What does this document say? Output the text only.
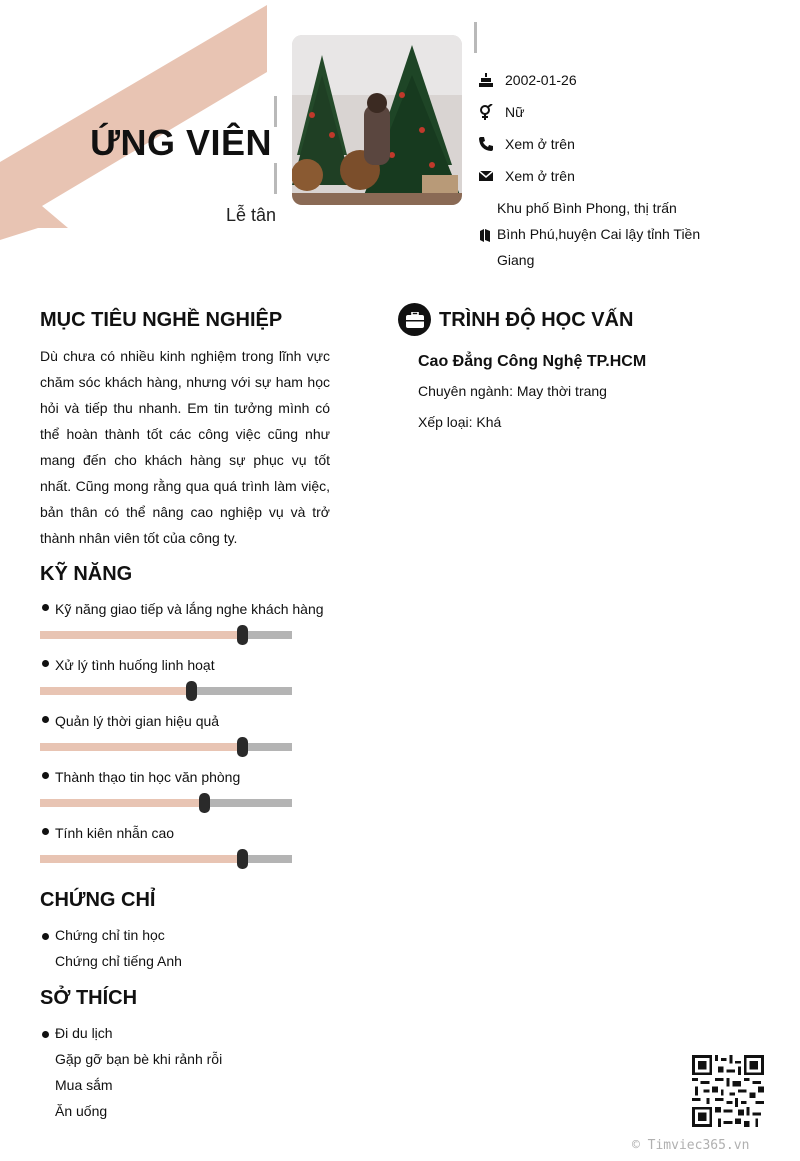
ỨNG VIÊN
Lễ tân
2002-01-26
Nữ
Xem ở trên
Xem ở trên
Khu phố Bình Phong, thị trấn
Bình Phú,huyện Cai lậy tỉnh Tiền
Giang
MỤC TIÊU NGHỀ NGHIỆP
Dù chưa có nhiều kinh nghiệm trong lĩnh vực chăm sóc khách hàng, nhưng với sự ham học hỏi và tiếp thu nhanh. Em tin tưởng mình có thể hoàn thành tốt các công việc cũng như mang đến cho khách hàng sự phục vụ tốt nhất. Cũng mong rằng qua quá trình làm việc, bản thân có thể nâng cao nghiệp vụ và trở thành nhân viên tốt của công ty.
KỸ NĂNG
Kỹ năng giao tiếp và lắng nghe khách hàng
Xử lý tình huống linh hoạt
Quản lý thời gian hiệu quả
Thành thạo tin học văn phòng
Tính kiên nhẫn cao
CHỨNG CHỈ
Chứng chỉ tin học
Chứng chỉ tiếng Anh
SỞ THÍCH
Đi du lịch
Gặp gỡ bạn bè khi rảnh rỗi
Mua sắm
Ăn uống
TRÌNH ĐỘ HỌC VẤN
Cao Đẳng Công Nghệ TP.HCM
Chuyên ngành: May thời trang
Xếp loại: Khá
© Timviec365.vn
